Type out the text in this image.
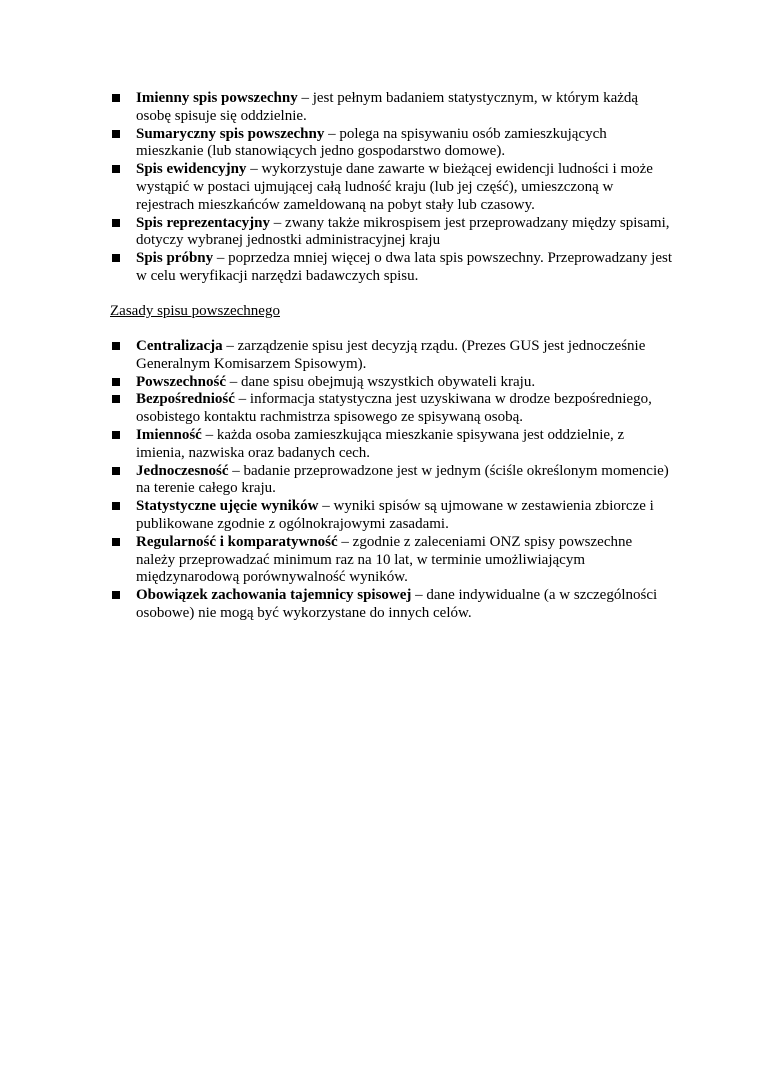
Imienny spis powszechny – jest pełnym badaniem statystycznym, w którym każdą osobę spisuje się oddzielnie.
Sumaryczny spis powszechny – polega na spisywaniu osób zamieszkujących mieszkanie (lub stanowiących jedno gospodarstwo domowe).
Spis ewidencyjny – wykorzystuje dane zawarte w bieżącej ewidencji ludności i może wystąpić w postaci ujmującej całą ludność kraju (lub jej część), umieszczoną w rejestrach mieszkańców zameldowaną na pobyt stały lub czasowy.
Spis reprezentacyjny – zwany także mikrospisem jest przeprowadzany między spisami, dotyczy wybranej jednostki administracyjnej kraju
Spis próbny – poprzedza mniej więcej o dwa lata spis powszechny. Przeprowadzany jest w celu weryfikacji narzędzi badawczych spisu.
Zasady spisu powszechnego
Centralizacja – zarządzenie spisu jest decyzją rządu. (Prezes GUS jest jednocześnie Generalnym Komisarzem Spisowym).
Powszechność – dane spisu obejmują wszystkich obywateli kraju.
Bezpośredniość – informacja statystyczna jest uzyskiwana w drodze bezpośredniego, osobistego kontaktu rachmistrza spisowego ze spisywaną osobą.
Imienność – każda osoba zamieszkująca mieszkanie spisywana jest oddzielnie, z imienia, nazwiska oraz badanych cech.
Jednoczesność – badanie przeprowadzone jest w jednym (ściśle określonym momencie) na terenie całego kraju.
Statystyczne ujęcie wyników – wyniki spisów są ujmowane w zestawienia zbiorcze i publikowane zgodnie z ogólnokrajowymi zasadami.
Regularność i komparatywność – zgodnie z zaleceniami ONZ spisy powszechne należy przeprowadzać minimum raz na 10 lat, w terminie umożliwiającym międzynarodową porównywalność wyników.
Obowiązek zachowania tajemnicy spisowej – dane indywidualne (a w szczególności osobowe) nie mogą być wykorzystane do innych celów.
